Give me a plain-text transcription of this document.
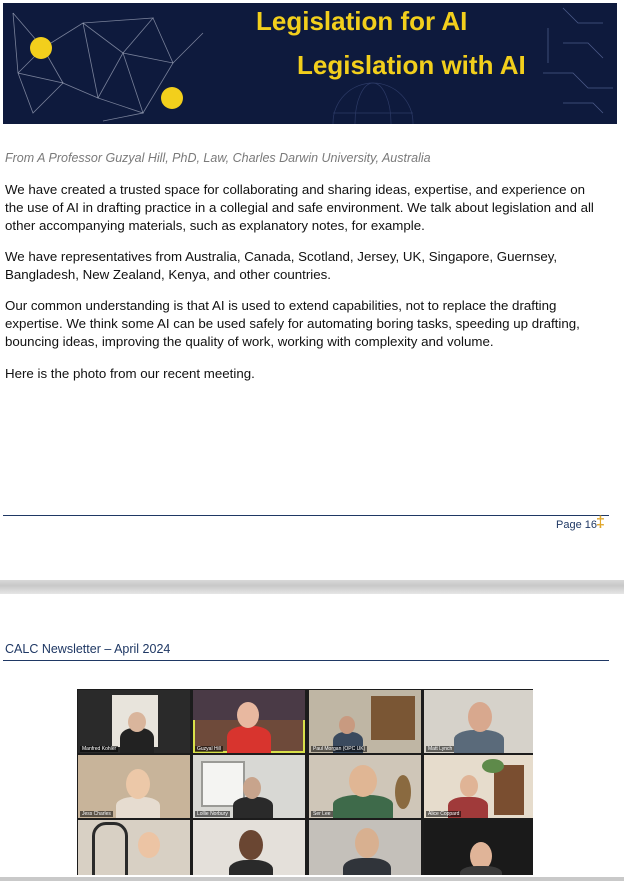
Legislation for AI
Legislation with AI
From A Professor Guzyal Hill, PhD, Law, Charles Darwin University, Australia

We have created a trusted space for collaborating and sharing ideas, expertise, and experience on the use of AI in drafting practice in a collegial and safe environment. We talk about legislation and all other accompanying materials, such as explanatory notes, for example.

We have representatives from Australia, Canada, Scotland, Jersey, UK, Singapore, Guernsey, Bangladesh, New Zealand, Kenya, and other countries.

Our common understanding is that AI is used to extend capabilities, not to replace the drafting expertise. We think some AI can be used safely for automating boring tasks, speeding up drafting, bouncing ideas, improving the quality of work, working with complexity and volume.

Here is the photo from our recent meeting.

Page 16 ‡
CALC Newsletter – April 2024
Manfred Kohler	Guzyal Hill	Paul Morgan (OPC UK)	Matt Lynch
Jess Charles	Lollie Norbury	Ser Lee	Alice Coppard
